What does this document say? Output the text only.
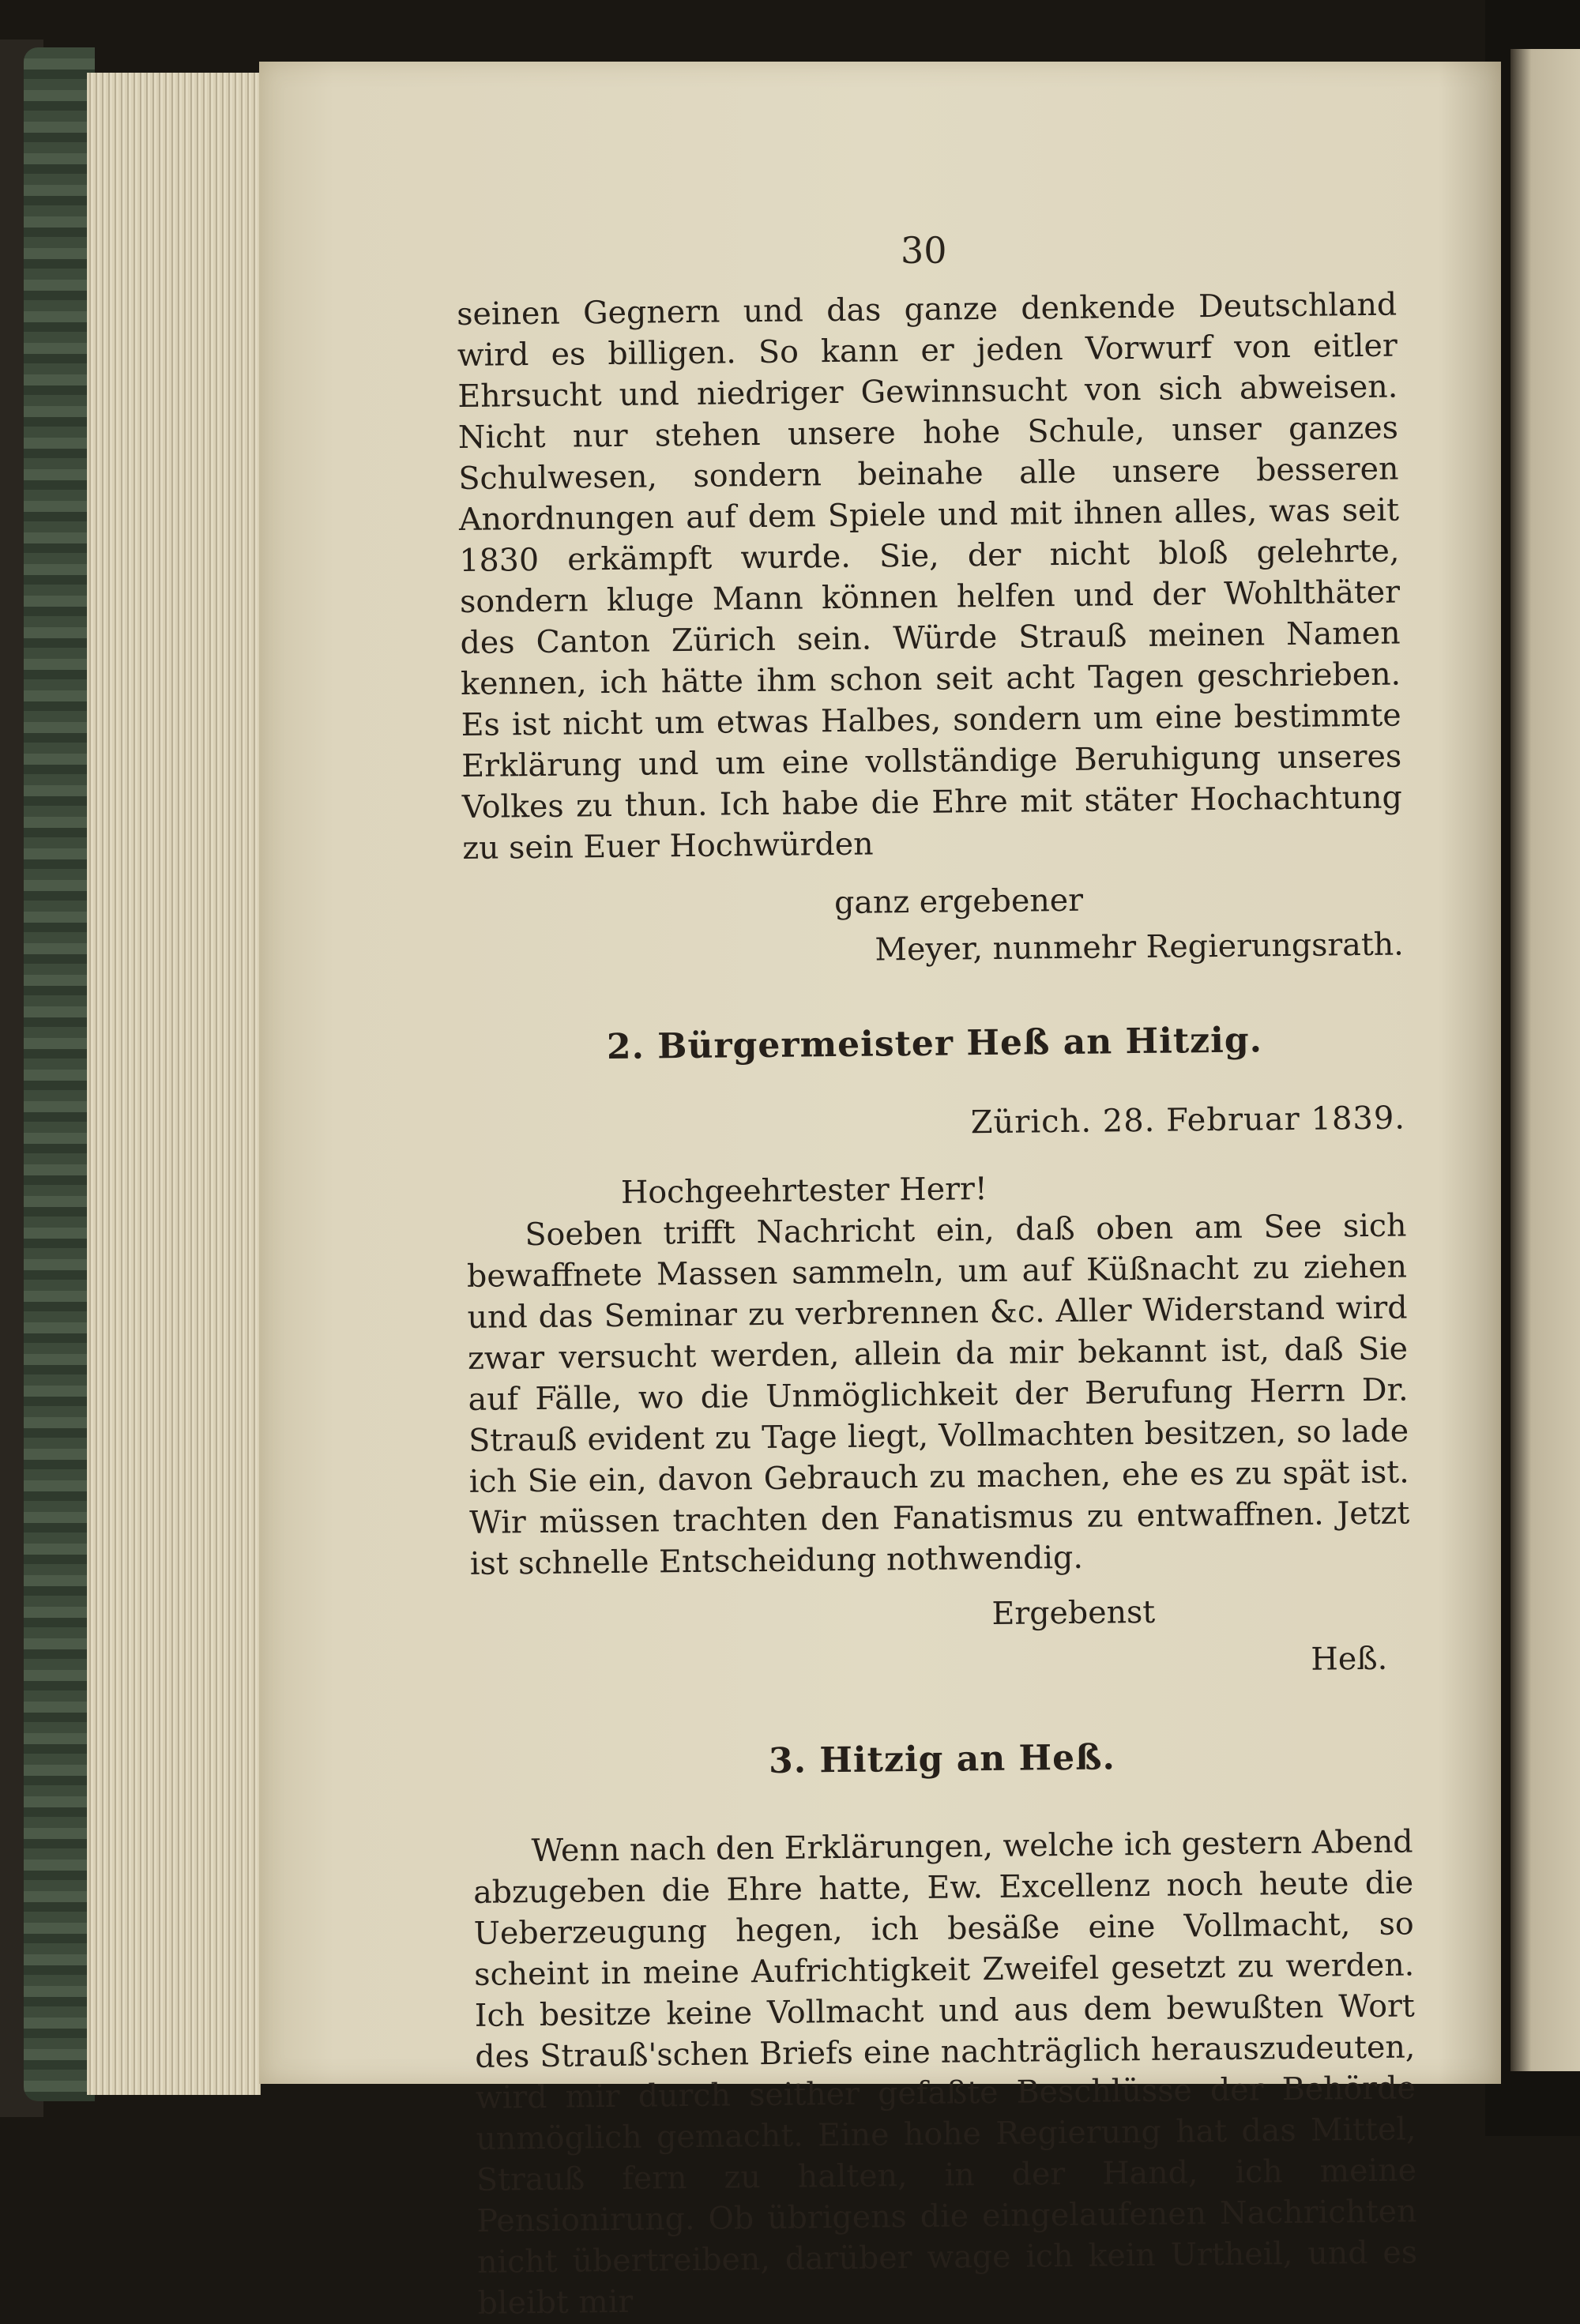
30

seinen Gegnern und das ganze denkende Deutschland wird es billigen. So kann er jeden Vorwurf von eitler Ehrsucht und niedriger Gewinnsucht von sich abweisen. Nicht nur stehen unsere hohe Schule, unser ganzes Schulwesen, sondern beinahe alle unsere besseren Anordnungen auf dem Spiele und mit ihnen alles, was seit 1830 erkämpft wurde. Sie, der nicht bloß gelehrte, sondern kluge Mann können helfen und der Wohlthäter des Canton Zürich sein. Würde Strauß meinen Namen kennen, ich hätte ihm schon seit acht Tagen geschrieben. Es ist nicht um etwas Halbes, sondern um eine bestimmte Erklärung und um eine vollständige Beruhigung unseres Volkes zu thun. Ich habe die Ehre mit stäter Hochachtung zu sein Euer Hochwürden

ganz ergebener

Meyer, nunmehr Regierungsrath.

2. Bürgermeister Heß an Hitzig.

Zürich. 28. Februar 1839.

Hochgeehrtester Herr!

Soeben trifft Nachricht ein, daß oben am See sich bewaffnete Massen sammeln, um auf Küßnacht zu ziehen und das Seminar zu verbrennen &c. Aller Widerstand wird zwar versucht werden, allein da mir bekannt ist, daß Sie auf Fälle, wo die Unmöglichkeit der Berufung Herrn Dr. Strauß evident zu Tage liegt, Vollmachten besitzen, so lade ich Sie ein, davon Gebrauch zu machen, ehe es zu spät ist. Wir müssen trachten den Fanatismus zu entwaffnen. Jetzt ist schnelle Entscheidung nothwendig.

Ergebenst

Heß.

3. Hitzig an Heß.

Wenn nach den Erklärungen, welche ich gestern Abend abzugeben die Ehre hatte, Ew. Excellenz noch heute die Ueberzeugung hegen, ich besäße eine Vollmacht, so scheint in meine Aufrichtigkeit Zweifel gesetzt zu werden. Ich besitze keine Vollmacht und aus dem bewußten Wort des Strauß'schen Briefs eine nachträglich herauszudeuten, wird mir durch seither gefaßte Beschlüsse der Behörde unmöglich gemacht. Eine hohe Regierung hat das Mittel, Strauß fern zu halten, in der Hand, ich meine Pensionirung. Ob übrigens die eingelaufenen Nachrichten nicht übertreiben, darüber wage ich kein Urtheil, und es bleibt mir
